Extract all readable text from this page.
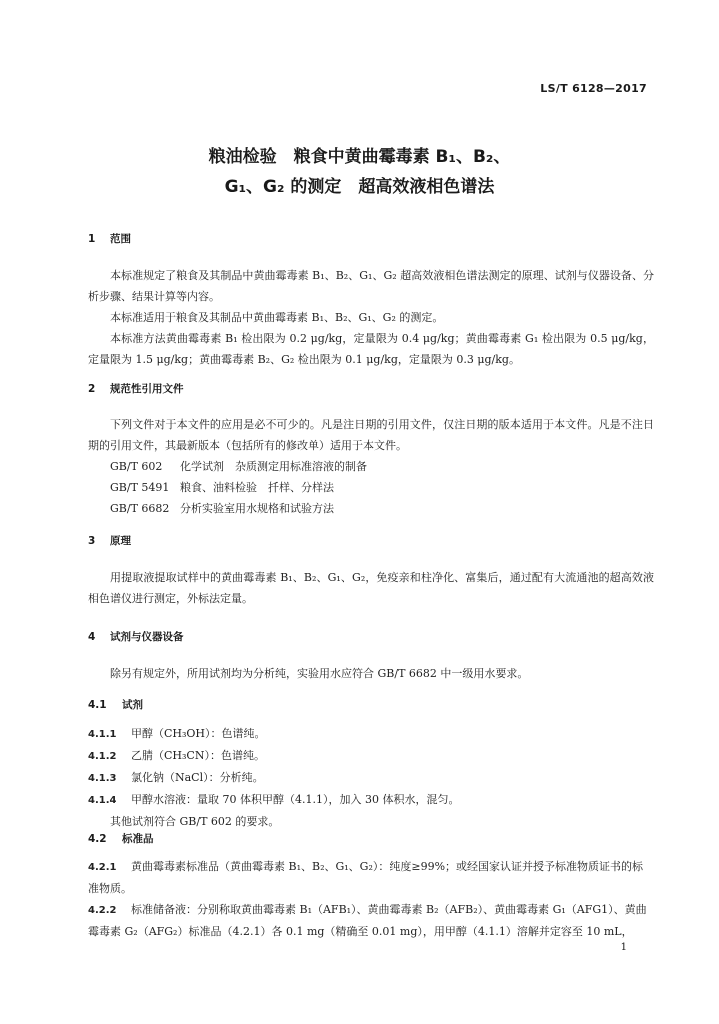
LS/T 6128—2017
粮油检验　粮食中黄曲霉毒素 B₁、B₂、
G₁、G₂ 的测定　超高效液相色谱法
1 范围
本标准规定了粮食及其制品中黄曲霉毒素 B₁、B₂、G₁、G₂ 超高效液相色谱法测定的原理、试剂与仪器设备、分析步骤、结果计算等内容。
本标准适用于粮食及其制品中黄曲霉毒素 B₁、B₂、G₁、G₂ 的测定。
本标准方法黄曲霉毒素 B₁ 检出限为 0.2 μg/kg，定量限为 0.4 μg/kg；黄曲霉毒素 G₁ 检出限为 0.5 μg/kg，定量限为 1.5 μg/kg；黄曲霉毒素 B₂、G₂ 检出限为 0.1 μg/kg，定量限为 0.3 μg/kg。
2 规范性引用文件
下列文件对于本文件的应用是必不可少的。凡是注日期的引用文件，仅注日期的版本适用于本文件。凡是不注日期的引用文件，其最新版本（包括所有的修改单）适用于本文件。
GB/T 602 化学试剂　杂质测定用标准溶液的制备
GB/T 5491 粮食、油料检验　扦样、分样法
GB/T 6682 分析实验室用水规格和试验方法
3 原理
用提取液提取试样中的黄曲霉毒素 B₁、B₂、G₁、G₂，免疫亲和柱净化、富集后，通过配有大流通池的超高效液相色谱仪进行测定，外标法定量。
4 试剂与仪器设备
除另有规定外，所用试剂均为分析纯，实验用水应符合 GB/T 6682 中一级用水要求。
4.1 试剂
4.1.1 甲醇（CH₃OH）：色谱纯。
4.1.2 乙腈（CH₃CN）：色谱纯。
4.1.3 氯化钠（NaCl）：分析纯。
4.1.4 甲醇水溶液：量取 70 体积甲醇（4.1.1），加入 30 体积水，混匀。
其他试剂符合 GB/T 602 的要求。
4.2 标准品
4.2.1 黄曲霉毒素标准品（黄曲霉毒素 B₁、B₂、G₁、G₂）：纯度≥99%；或经国家认证并授予标准物质证书的标准物质。
4.2.2 标准储备液：分别称取黄曲霉毒素 B₁（AFB₁）、黄曲霉毒素 B₂（AFB₂）、黄曲霉毒素 G₁（AFG1）、黄曲霉毒素 G₂（AFG₂）标准品（4.2.1）各 0.1 mg（精确至 0.01 mg），用甲醇（4.1.1）溶解并定容至 10 mL，
1
